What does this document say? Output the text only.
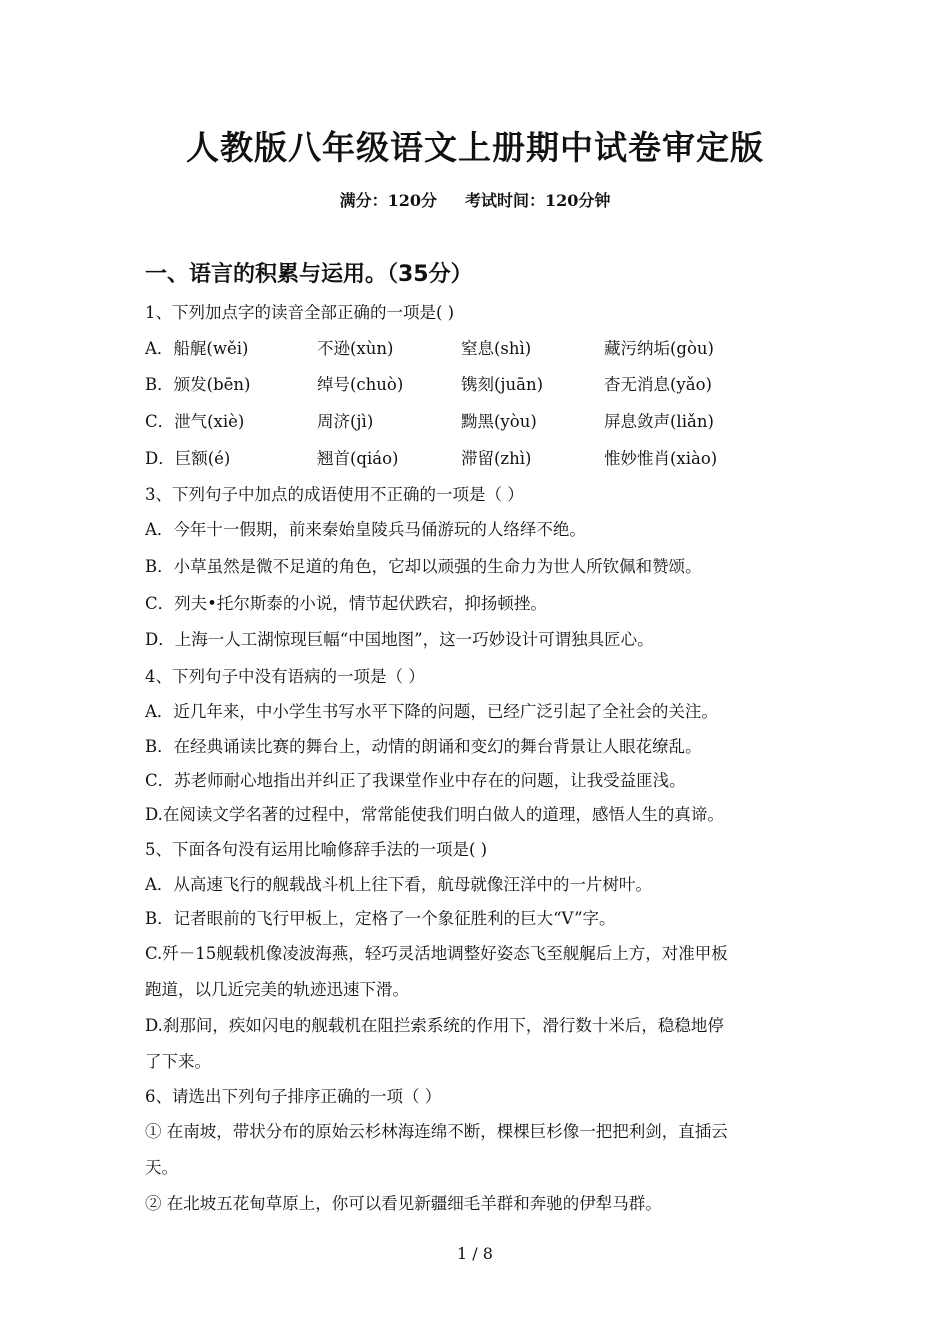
人教版八年级语文上册期中试卷审定版
满分：120分 考试时间：120分钟
一、语言的积累与运用。（35分）
1、下列加点字的读音全部正确的一项是( )
A．船艉(wěi)	不逊(xùn)	窒息(shì)	藏污纳垢(gòu)
B．颁发(bēn)	绰号(chuò)	镌刻(juān)	杳无消息(yǎo)
C．泄气(xiè)	周济(jì)	黝黑(yòu)	屏息敛声(liǎn)
D．巨额(é)	翘首(qiáo)	滞留(zhì)	惟妙惟肖(xiào)
3、下列句子中加点的成语使用不正确的一项是（ ）
A．今年十一假期，前来秦始皇陵兵马俑游玩的人络绎不绝。
B．小草虽然是微不足道的角色，它却以顽强的生命力为世人所钦佩和赞颂。
C．列夫•托尔斯泰的小说，情节起伏跌宕，抑扬顿挫。
D．上海一人工湖惊现巨幅“中国地图”，这一巧妙设计可谓独具匠心。
4、下列句子中没有语病的一项是（ ）
A．近几年来，中小学生书写水平下降的问题，已经广泛引起了全社会的关注。
B．在经典诵读比赛的舞台上，动情的朗诵和变幻的舞台背景让人眼花缭乱。
C．苏老师耐心地指出并纠正了我课堂作业中存在的问题，让我受益匪浅。
D.在阅读文学名著的过程中，常常能使我们明白做人的道理，感悟人生的真谛。
5、下面各句没有运用比喻修辞手法的一项是( )
A．从高速飞行的舰载战斗机上往下看，航母就像汪洋中的一片树叶。
B．记者眼前的飞行甲板上，定格了一个象征胜利的巨大“V”字。
C.歼－15舰载机像凌波海燕，轻巧灵活地调整好姿态飞至舰艉后上方，对准甲板
跑道，以几近完美的轨迹迅速下滑。
D.刹那间，疾如闪电的舰载机在阻拦索系统的作用下，滑行数十米后，稳稳地停
了下来。
6、请选出下列句子排序正确的一项（ ）
① 在南坡，带状分布的原始云杉林海连绵不断，棵棵巨杉像一把把利剑，直插云
天。
② 在北坡五花甸草原上，你可以看见新疆细毛羊群和奔驰的伊犁马群。
1 / 8
